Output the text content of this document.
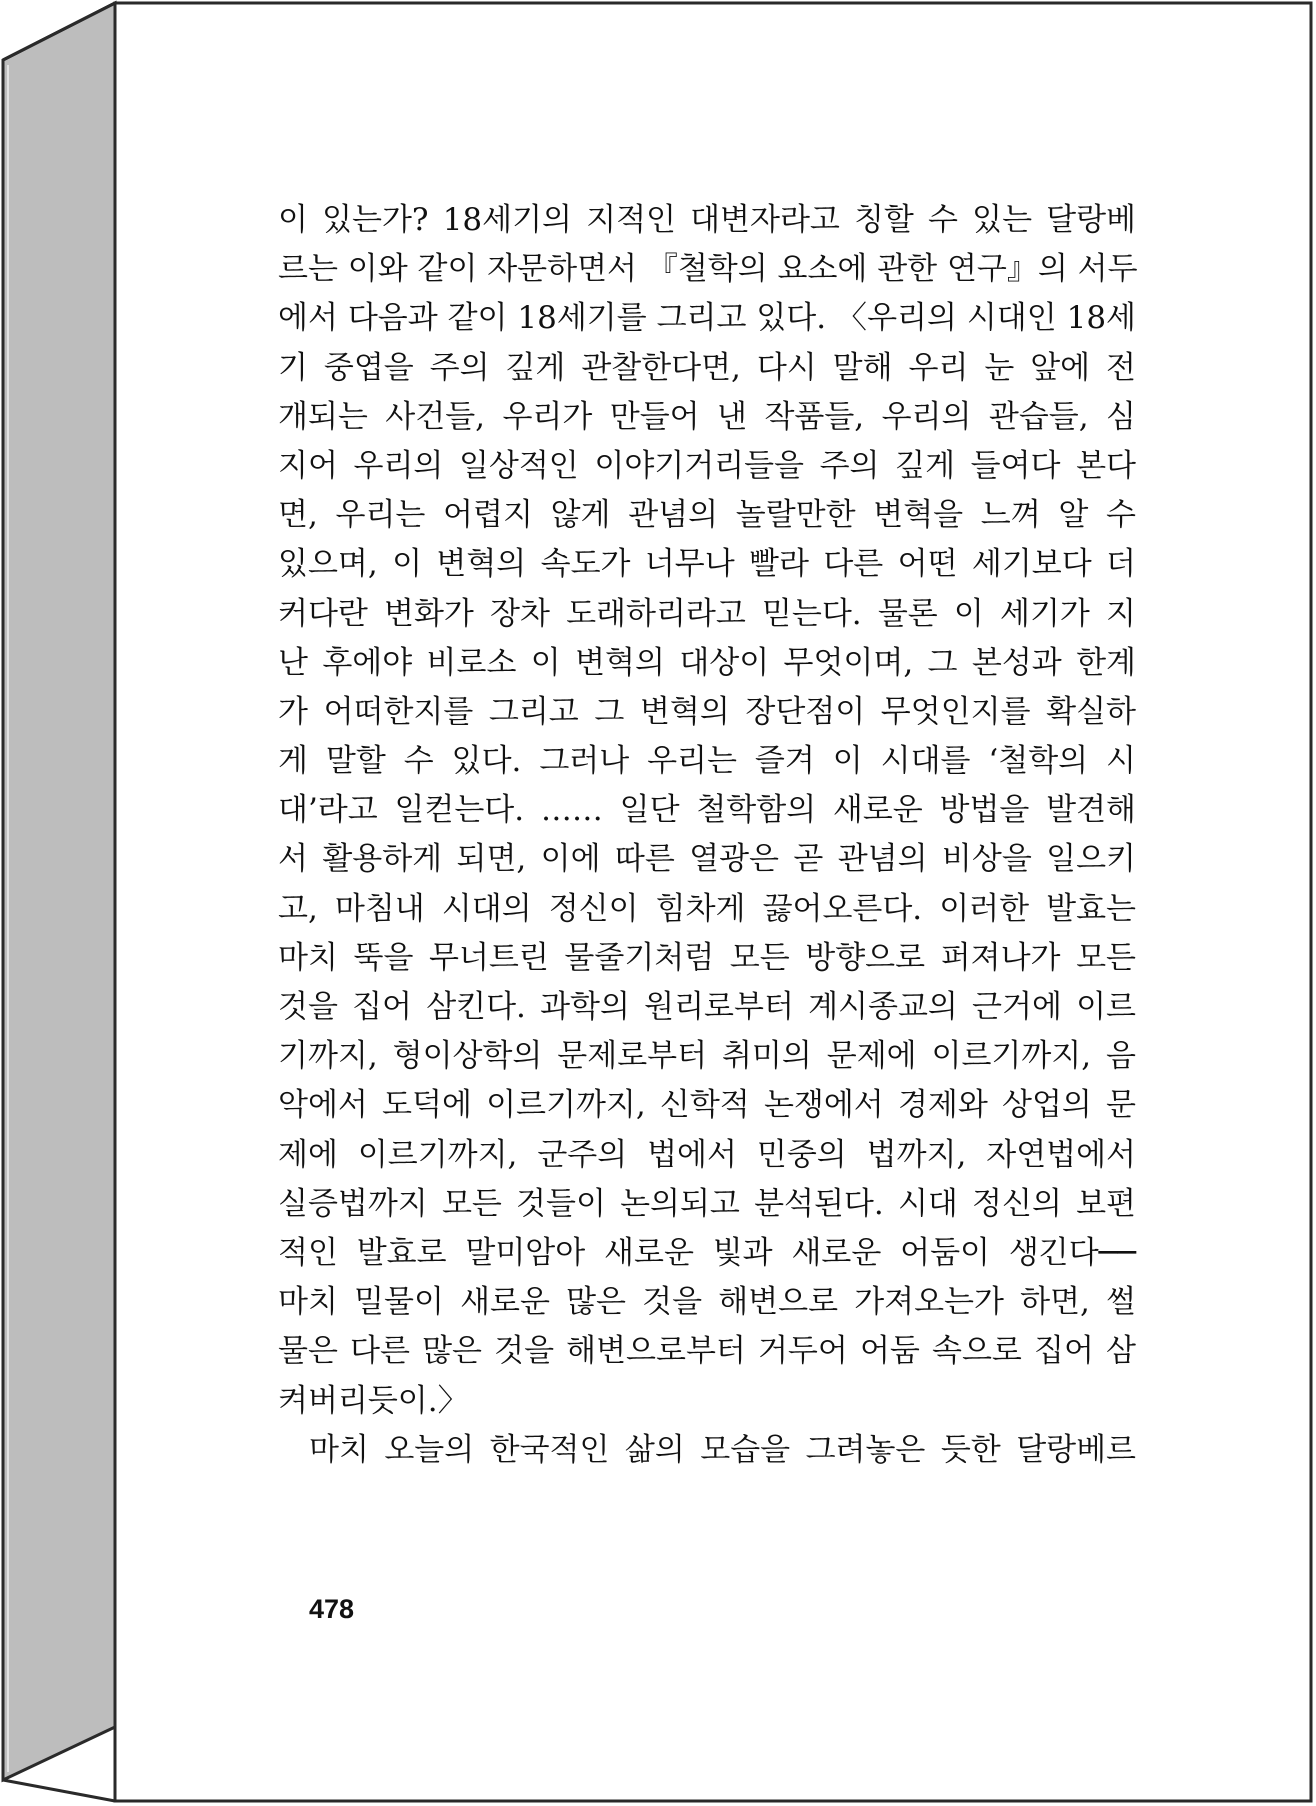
이 있는가? 18세기의 지적인 대변자라고 칭할 수 있는 달랑베
르는 이와 같이 자문하면서 『철학의 요소에 관한 연구』의 서두
에서 다음과 같이 18세기를 그리고 있다. 〈우리의 시대인 18세
기 중엽을 주의 깊게 관찰한다면, 다시 말해 우리 눈 앞에 전
개되는 사건들, 우리가 만들어 낸 작품들, 우리의 관습들, 심
지어 우리의 일상적인 이야기거리들을 주의 깊게 들여다 본다
면, 우리는 어렵지 않게 관념의 놀랄만한 변혁을 느껴 알 수
있으며, 이 변혁의 속도가 너무나 빨라 다른 어떤 세기보다 더
커다란 변화가 장차 도래하리라고 믿는다. 물론 이 세기가 지
난 후에야 비로소 이 변혁의 대상이 무엇이며, 그 본성과 한계
가 어떠한지를 그리고 그 변혁의 장단점이 무엇인지를 확실하
게 말할 수 있다. 그러나 우리는 즐겨 이 시대를 ‘철학의 시
대’라고 일컫는다. …… 일단 철학함의 새로운 방법을 발견해
서 활용하게 되면, 이에 따른 열광은 곧 관념의 비상을 일으키
고, 마침내 시대의 정신이 힘차게 끓어오른다. 이러한 발효는
마치 뚝을 무너트린 물줄기처럼 모든 방향으로 퍼져나가 모든
것을 집어 삼킨다. 과학의 원리로부터 계시종교의 근거에 이르
기까지, 형이상학의 문제로부터 취미의 문제에 이르기까지, 음
악에서 도덕에 이르기까지, 신학적 논쟁에서 경제와 상업의 문
제에 이르기까지, 군주의 법에서 민중의 법까지, 자연법에서
실증법까지 모든 것들이 논의되고 분석된다. 시대 정신의 보편
적인 발효로 말미암아 새로운 빛과 새로운 어둠이 생긴다──
마치 밀물이 새로운 많은 것을 해변으로 가져오는가 하면, 썰
물은 다른 많은 것을 해변으로부터 거두어 어둠 속으로 집어 삼
켜버리듯이.〉
마치 오늘의 한국적인 삶의 모습을 그려놓은 듯한 달랑베르
478
